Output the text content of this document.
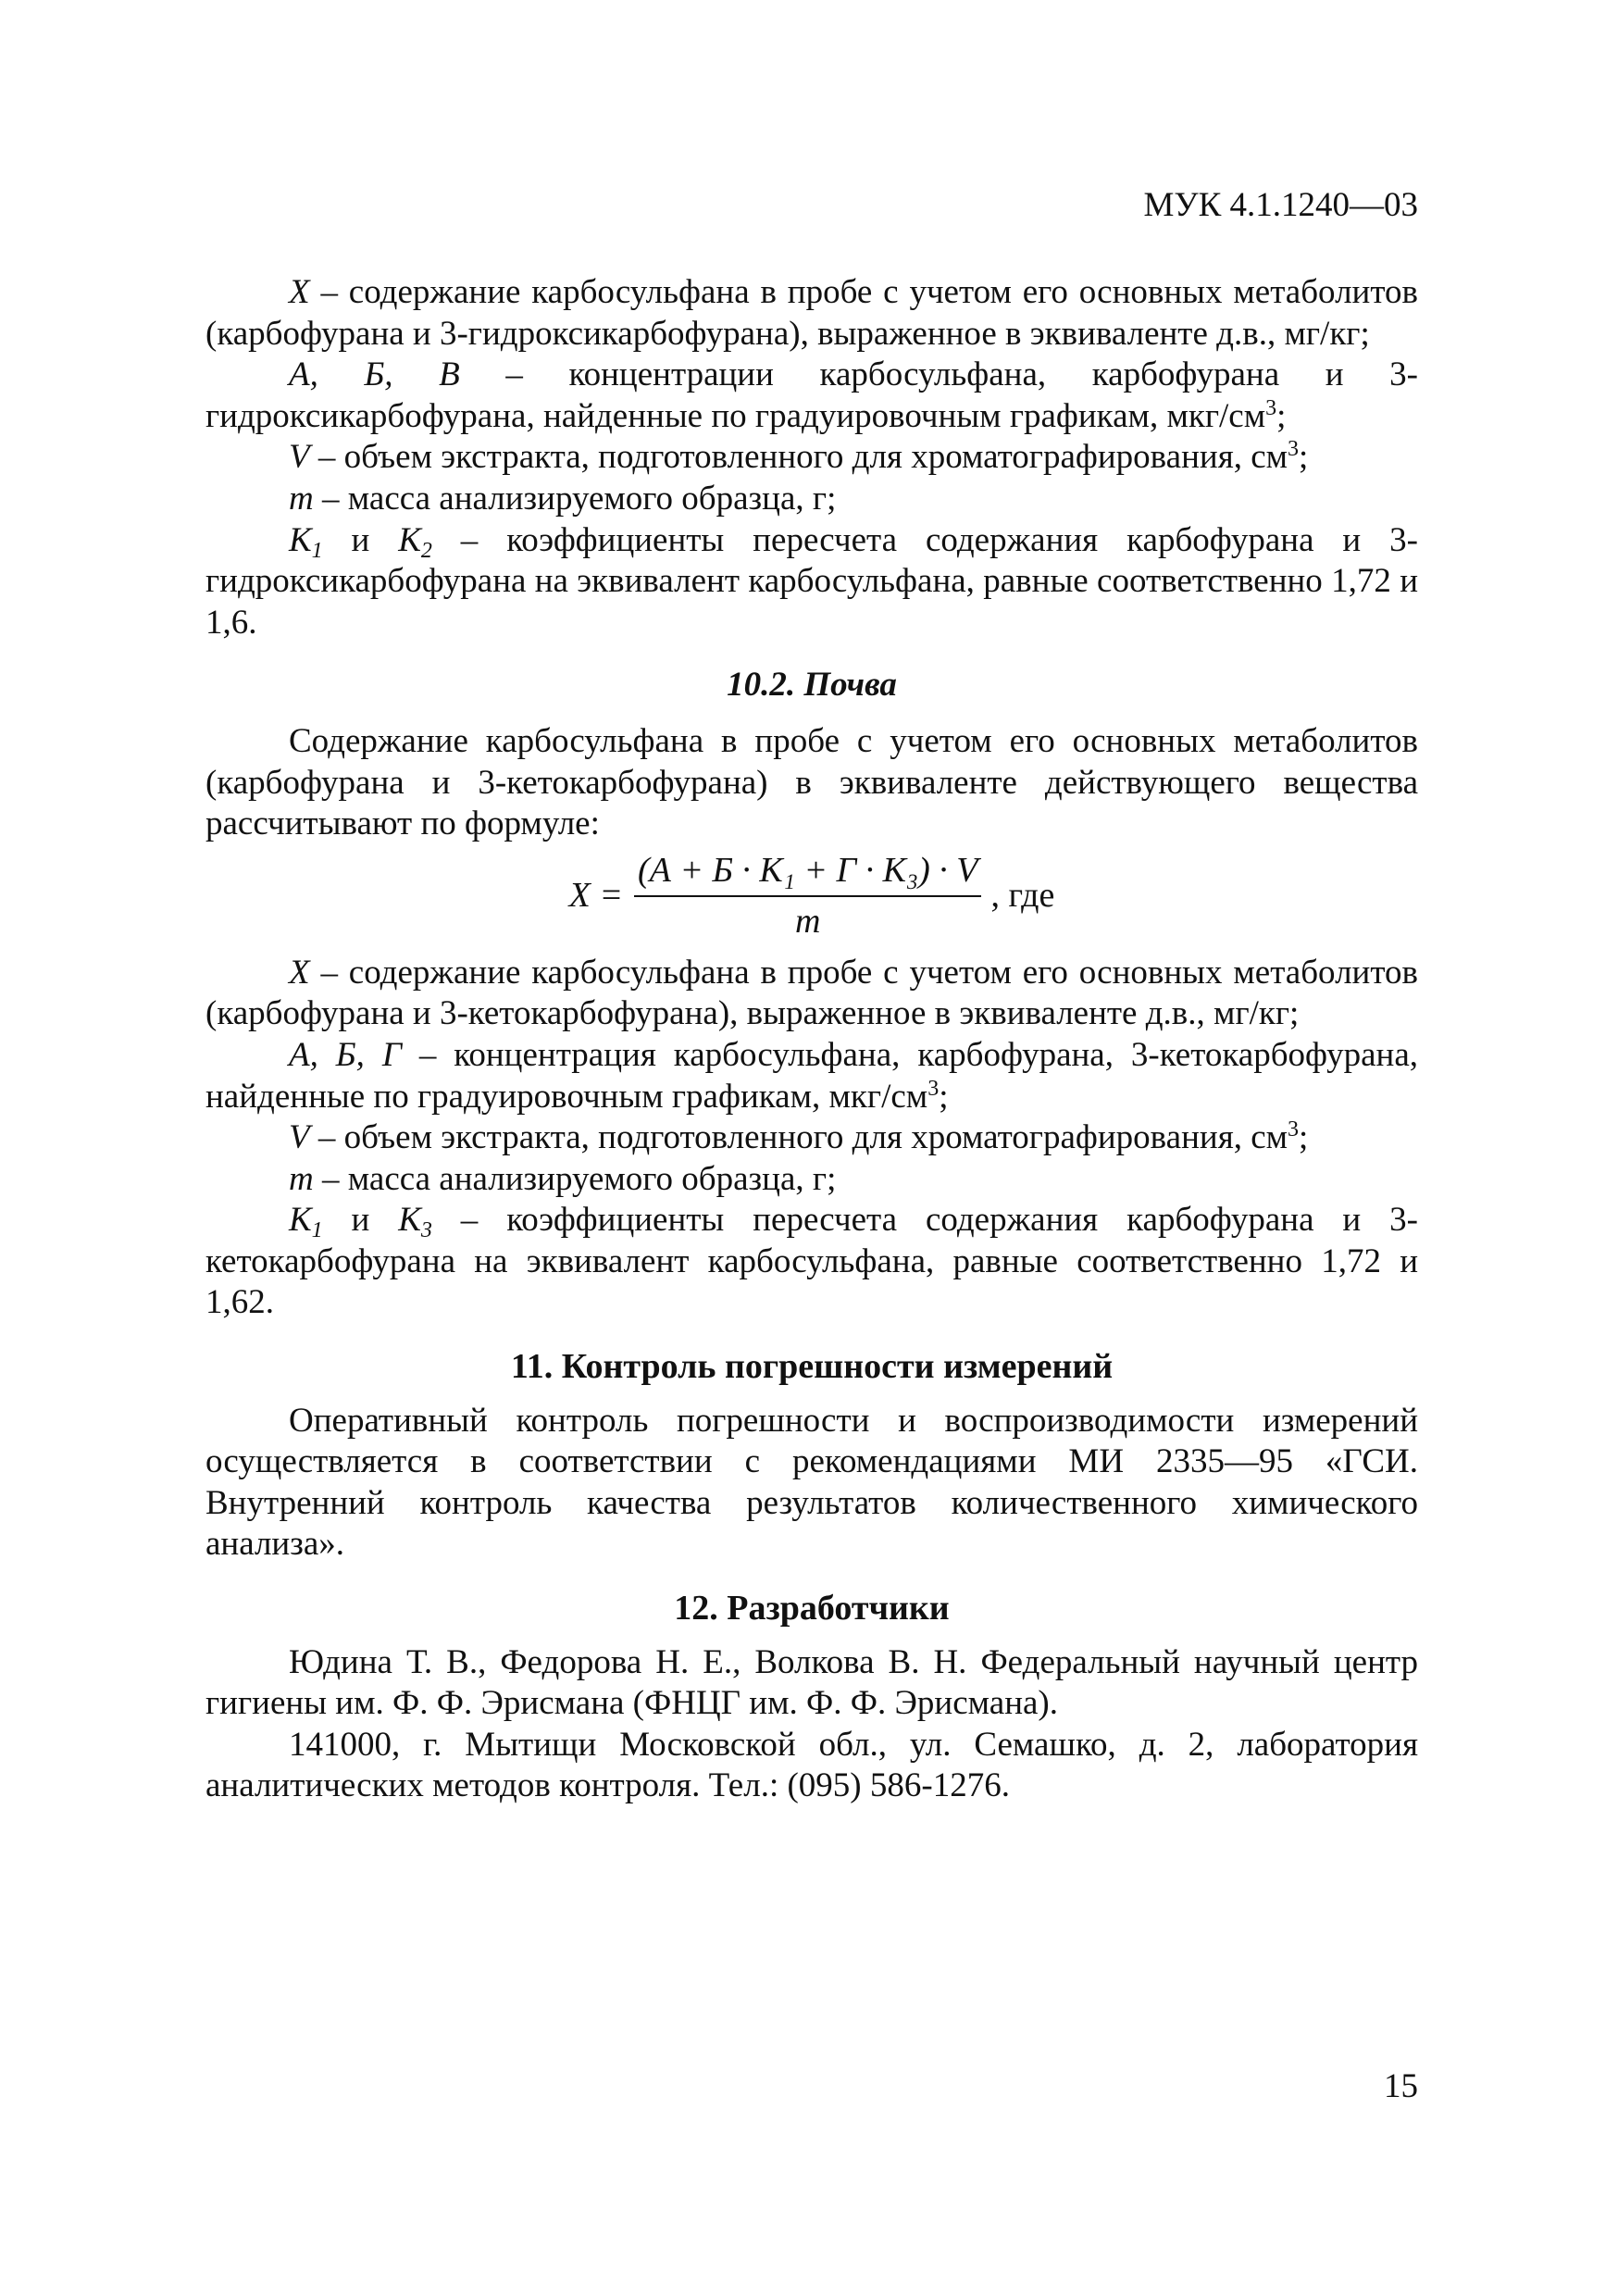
МУК 4.1.1240—03

X – содержание карбосульфана в пробе с учетом его основных метаболитов (карбофурана и 3-гидроксикарбофурана), выраженное в эквиваленте д.в., мг/кг;

А, Б, В – концентрации карбосульфана, карбофурана и 3-гидроксикарбофурана, найденные по градуировочным графикам, мкг/$см^3$;

V – объем экстракта, подготовленного для хроматографирования, $см^3$;

m – масса анализируемого образца, г;

$К_1$ и $К_2$ – коэффициенты пересчета содержания карбофурана и 3-гидроксикарбофурана на эквивалент карбосульфана, равные соответственно 1,72 и 1,6.

10.2. Почва

Содержание карбосульфана в пробе с учетом его основных метаболитов (карбофурана и 3-кетокарбофурана) в эквиваленте действующего вещества рассчитывают по формуле:

$X = \frac{\text{(А + Б · К₁ + Г · К₃) · V}}{m}$ , где

X – содержание карбосульфана в пробе с учетом его основных метаболитов (карбофурана и 3-кетокарбофурана), выраженное в эквиваленте д.в., мг/кг;

А, Б, Г – концентрация карбосульфана, карбофурана, 3-кетокарбофурана, найденные по градуировочным графикам, мкг/$см^3$;

V – объем экстракта, подготовленного для хроматографирования, $см^3$;

m – масса анализируемого образца, г;

$К_1$ и $К_3$ – коэффициенты пересчета содержания карбофурана и 3-кетокарбофурана на эквивалент карбосульфана, равные соответственно 1,72 и 1,62.

11. Контроль погрешности измерений

Оперативный контроль погрешности и воспроизводимости измерений осуществляется в соответствии с рекомендациями МИ 2335—95 «ГСИ. Внутренний контроль качества результатов количественного химического анализа».

12. Разработчики

Юдина Т. В., Федорова Н. Е., Волкова В. Н. Федеральный научный центр гигиены им. Ф. Ф. Эрисмана (ФНЦГ им. Ф. Ф. Эрисмана).

141000, г. Мытищи Московской обл., ул. Семашко, д. 2, лаборатория аналитических методов контроля. Тел.: (095) 586-1276.

15
